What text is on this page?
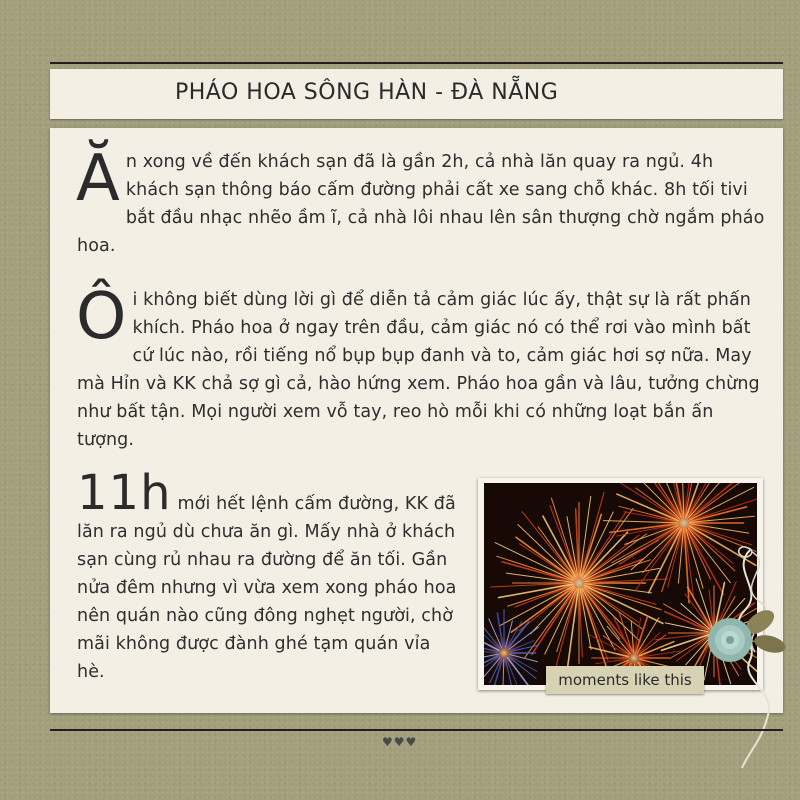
PHÁO HOA SÔNG HÀN - ĐÀ NẴNG

Ăn xong về đến khách sạn đã là gần 2h, cả nhà lăn quay ra ngủ. 4h khách sạn thông báo cấm đường phải cất xe sang chỗ khác. 8h tối tivi bắt đầu nhạc nhẽo ầm ĩ, cả nhà lôi nhau lên sân thượng chờ ngắm pháo hoa.

Ôi không biết dùng lời gì để diễn tả cảm giác lúc ấy, thật sự là rất phấn khích. Pháo hoa ở ngay trên đầu, cảm giác nó có thể rơi vào mình bất cứ lúc nào, rồi tiếng nổ bụp bụp đanh và to, cảm giác hơi sợ nữa. May mà Hỉn và KK chả sợ gì cả, hào hứng xem. Pháo hoa gần và lâu, tưởng chừng như bất tận. Mọi người xem vỗ tay, reo hò mỗi khi có những loạt bắn ấn tượng.

11h mới hết lệnh cấm đường, KK đã lăn ra ngủ dù chưa ăn gì. Mấy nhà ở khách sạn cùng rủ nhau ra đường để ăn tối. Gần nửa đêm nhưng vì vừa xem xong pháo hoa nên quán nào cũng đông nghẹt người, chờ mãi không được đành ghé tạm quán vỉa hè.	moments like this
♥♥♥
